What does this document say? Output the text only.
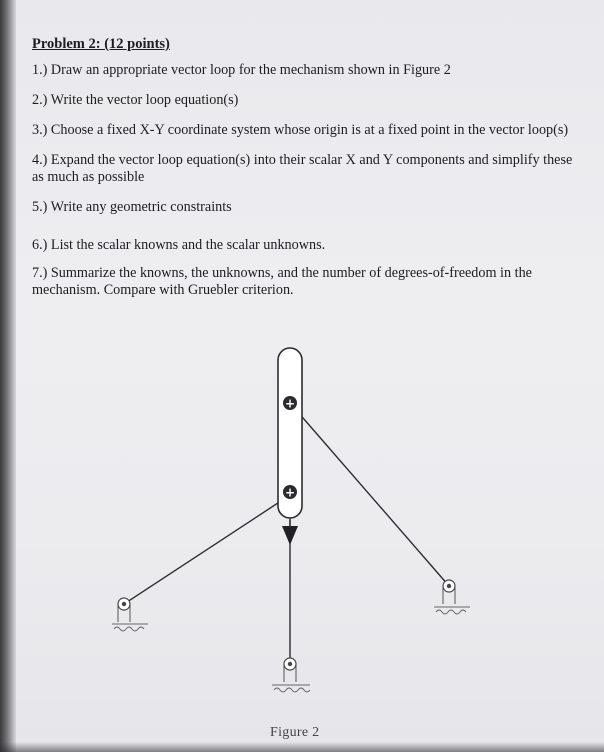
Problem 2: (12 points)
1.) Draw an appropriate vector loop for the mechanism shown in Figure 2
2.) Write the vector loop equation(s)
3.) Choose a fixed X-Y coordinate system whose origin is at a fixed point in the vector loop(s)
4.) Expand the vector loop equation(s) into their scalar X and Y components and simplify these as much as possible
5.) Write any geometric constraints
6.) List the scalar knowns and the scalar unknowns.
7.) Summarize the knowns, the unknowns, and the number of degrees-of-freedom in the mechanism. Compare with Gruebler criterion.
+
+
Figure 2
